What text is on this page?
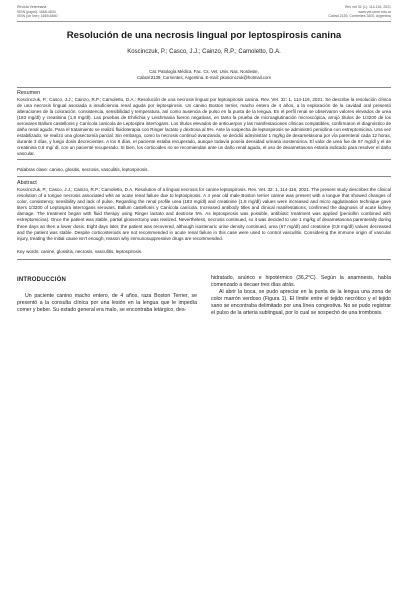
Revista Veterinaria
ISSN (papel): 1668-4834
ISSN (on line): 1669-6840
Rev vet 32 (1): 114-116, 2021
www.vet.unne.edu.ar
Cabral 2139, Corrientes 3400, Argentina
Resolución de una necrosis lingual por leptospirosis canina
Koscinczuk, P.; Casco, J.J.; Cainzo, R.P.; Camoletto, D.A.
Cat. Patología Médica, Fac. Cs. Vet. Univ. Nac. Nordeste,
Cabral 2139, Corrientes, Argentina. E-mail: pkoscinczuk@hotmail.com
Resumen

Koscinczuk, P.; Casco, J.J.; Cainzo, R.P.; Camoletto, D.A.: Resolución de una necrosis lingual por leptospirosis canina. Rev. Vet. 32: 1, 114-116, 2021. Se describe la resolución clínica de una necrosis lingual asociada a insuficiencia renal aguda por leptospirosis. Un canino Boston terrier, macho entero de 4 años, a la exploración de la cavidad oral presentó alteraciones de la coloración, consistencia, sensibilidad y temperatura, así como ausencia de pulso en la punta de la lengua. En el perfil renal se observaron valores elevados de urea (183 mg/dl) y creatinina (1,8 mg/dl). Las pruebas de Ehrlichia y Leishmania fueron negativas, en tanto la prueba de microaglutinación microscópica, arrojó títulos de 1/3200 de los serovares Ballum castellonis y Canícola canícola de Leptospira interrogans. Los títulos elevados de anticuerpos y las manifestaciones clínicas compatibles, confirmaron el diagnóstico de daño renal agudo. Para el tratamiento se realizó fluidoterapia con Ringer lactato y dextrosa al 5%. Ante la sospecha de leptospirosis se administró penicilina con estreptomicina. Una vez estabilizado, se realizó una glosectomía parcial. Sin embargo, como la necrosis continuó avanzando, se decidió administrar 1 mg/kg de dexametasona por vía parenteral cada 12 horas, durante 3 días, y luego dosis decrecientes. A los 8 días, el paciente estaba recuperado, aunque todavía poseía densidad urinaria isostenúrica. El valor de urea fue de 67 mg/dl y el de creatinina 0,8 mg/ dl, con un paciente recuperado. Si bien, los corticoides no se recomiendan ante un daño renal agudo, el uso de dexametasona estaría indicado para resolver el daño vascular.

Palabras clave: canino, glositis, necrosis, vasculitis, leptospirosis.
Abstract

Koscinczuk, P.; Casco, J.J.; Cainzo, R.P.; Camoletto, D.A. Resolution of a lingual necrosis for canine leptospirosis. Rev. Vet. 32: 1, 114-116, 2021. The present study describes the clinical resolution of a tongue necrosis associated whit an acute renal failure due to leptospirosis. A 4 year old male Boston terrier canine was present with a tongue that showed changes of color, consistency, sensibility and lack of pulse. Regarding the renal profile urea (183 mg/dl) and creatinine (1.8 mg/dl) values were increased and micro agglutination technique gave titers 1/3200 of Leptospira interrogans serovars, Ballum castellonis y Canícola canícola. Increased antibody titles and clinical manifestations, confirmed the diagnosis of acute kidney damage. The treatment began with fluid therapy using Ringer lactato and dextrose 5%. As leptospirosis was possible, antibiotic treatment was applied (penicillin combined with estreptomicina). Once the patient was stable, partial glossectomy was realized. Nevertheless, necrosis continued, so it was decided to use 1 mg/kg of dexametasona parenterally during three days an then a lower dosis. Eight days later, the patient was recovered, although isostenuric urine density continued, urea (67 mg/dl) and creatinine (0,8 mg/dl) values decreased and the patient was stable. Despite corticosteroids are not recommended in acute renal failure in this case were used to control vasculitis. Considering the immune origin of vascular injury, treating the initial cause isn't enough, reason why immunosuppressive drugs are recommended.

Key words: canine, glossitis, necrosis, vasculitis, leptospirosis.
INTRODUCCIÓN

Un paciente canino macho entero, de 4 años, raza Boston Terrier, se presentó a la consulta clínica por una lesión en la lengua que le impedía comer y beber. Su estado general era malo, se encontraba letárgico, des-

hidratado, anúrico e hipotérmico (36,2°C). Según la anamnesis, había comenzado a decaer tres días atrás.

Al abrir la boca, se pudo apreciar en la punta de la lengua una zona de color marrón verdoso (Figura 1). El límite entre el tejido necrótico y el tejido sano se encontraba delimitado por una línea congestiva. No se pudo registrar el pulso de la arteria sublingual, por lo cual se sospechó de una trombosis.
